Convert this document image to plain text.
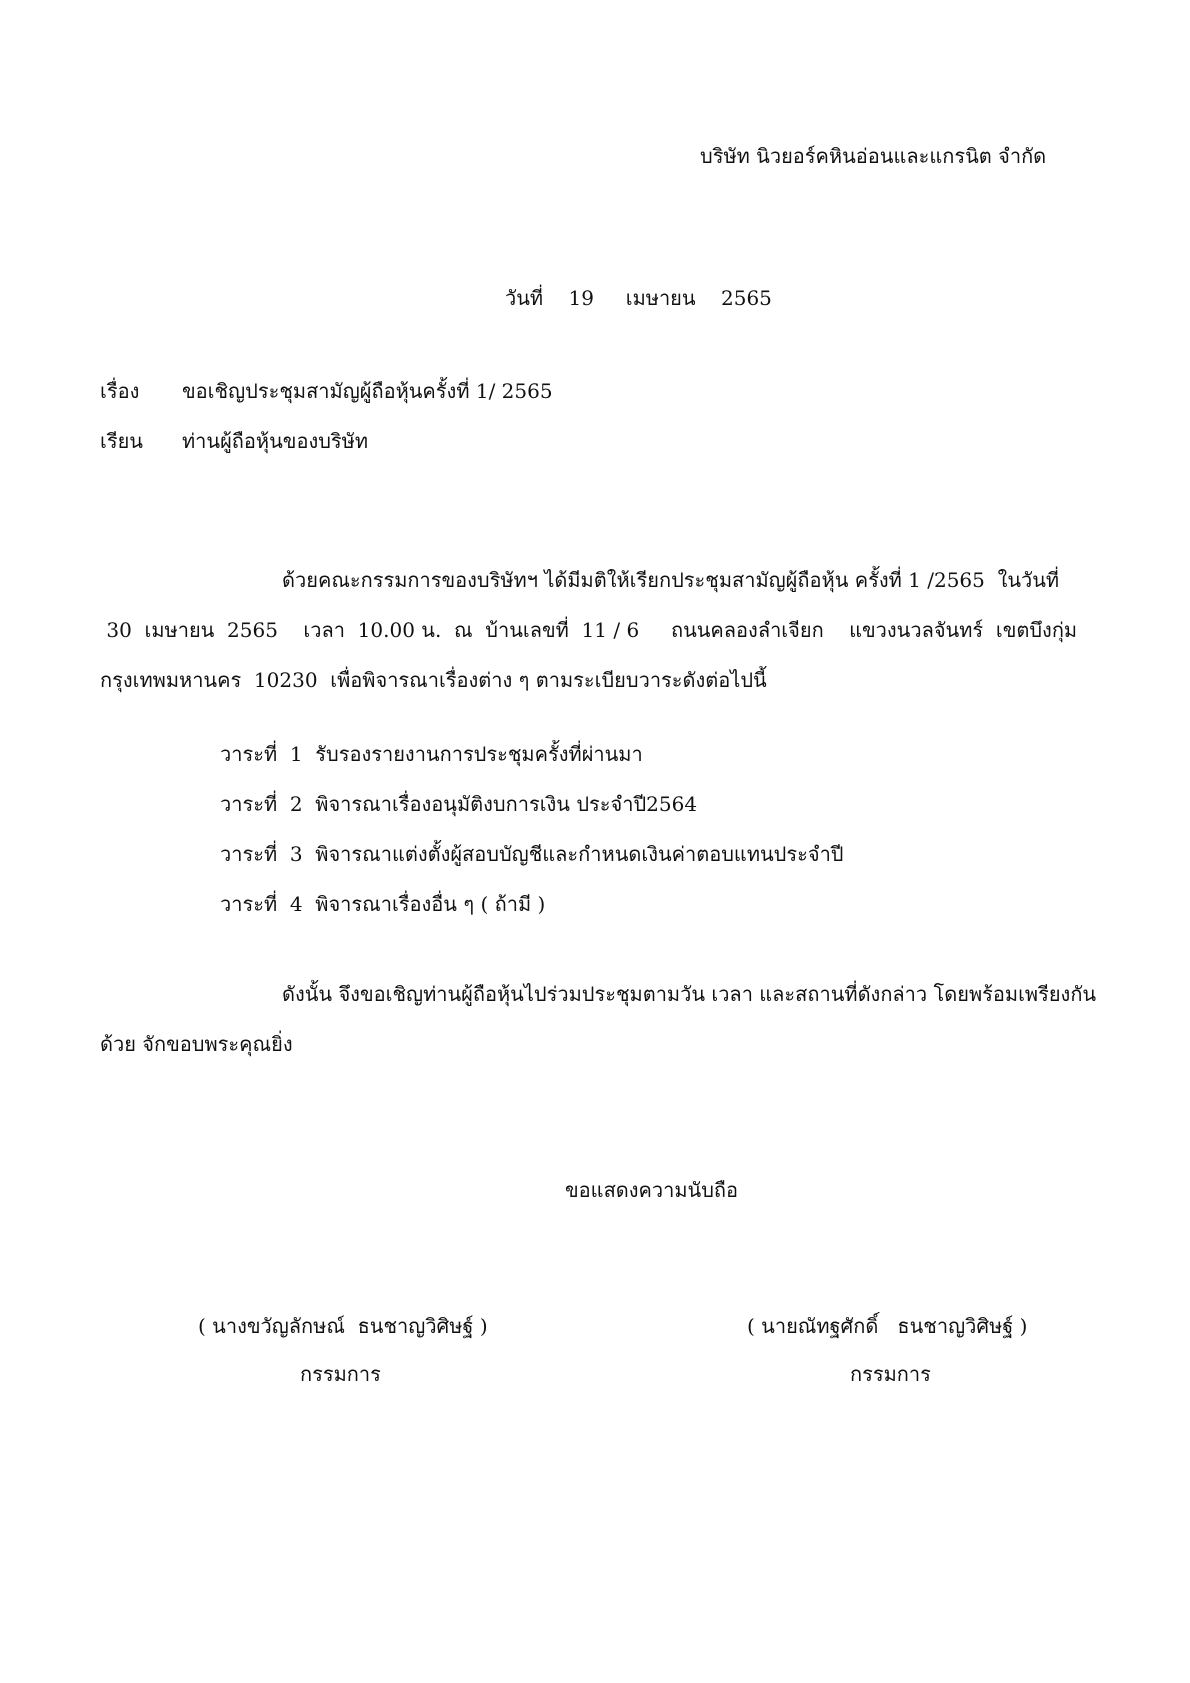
บริษัท นิวยอร์คหินอ่อนและแกรนิต จำกัด
วันที่    19     เมษายน    2565
เรื่อง ขอเชิญประชุมสามัญผู้ถือหุ้นครั้งที่ 1/ 2565
เรียน ท่านผู้ถือหุ้นของบริษัท
ด้วยคณะกรรมการของบริษัทฯ ได้มีมติให้เรียกประชุมสามัญผู้ถือหุ้น ครั้งที่ 1 /2565  ในวันที่
30  เมษายน  2565    เวลา  10.00 น.  ณ  บ้านเลขที่  11 / 6     ถนนคลองลำเจียก    แขวงนวลจันทร์  เขตบึงกุ่ม
กรุงเทพมหานคร  10230  เพื่อพิจารณาเรื่องต่าง ๆ ตามระเบียบวาระดังต่อไปนี้
วาระที่  1  รับรองรายงานการประชุมครั้งที่ผ่านมา
วาระที่  2  พิจารณาเรื่องอนุมัติงบการเงิน ประจำปี2564
วาระที่  3  พิจารณาแต่งตั้งผู้สอบบัญชีและกำหนดเงินค่าตอบแทนประจำปี
วาระที่  4  พิจารณาเรื่องอื่น ๆ ( ถ้ามี )
ดังนั้น จึงขอเชิญท่านผู้ถือหุ้นไปร่วมประชุมตามวัน เวลา และสถานที่ดังกล่าว โดยพร้อมเพรียงกัน
ด้วย จักขอบพระคุณยิ่ง
ขอแสดงความนับถือ
( นางขวัญลักษณ์  ธนชาญวิศิษฐ์ )
กรรมการ
( นายณัทฐศักดิ์   ธนชาญวิศิษฐ์ )
กรรมการ
